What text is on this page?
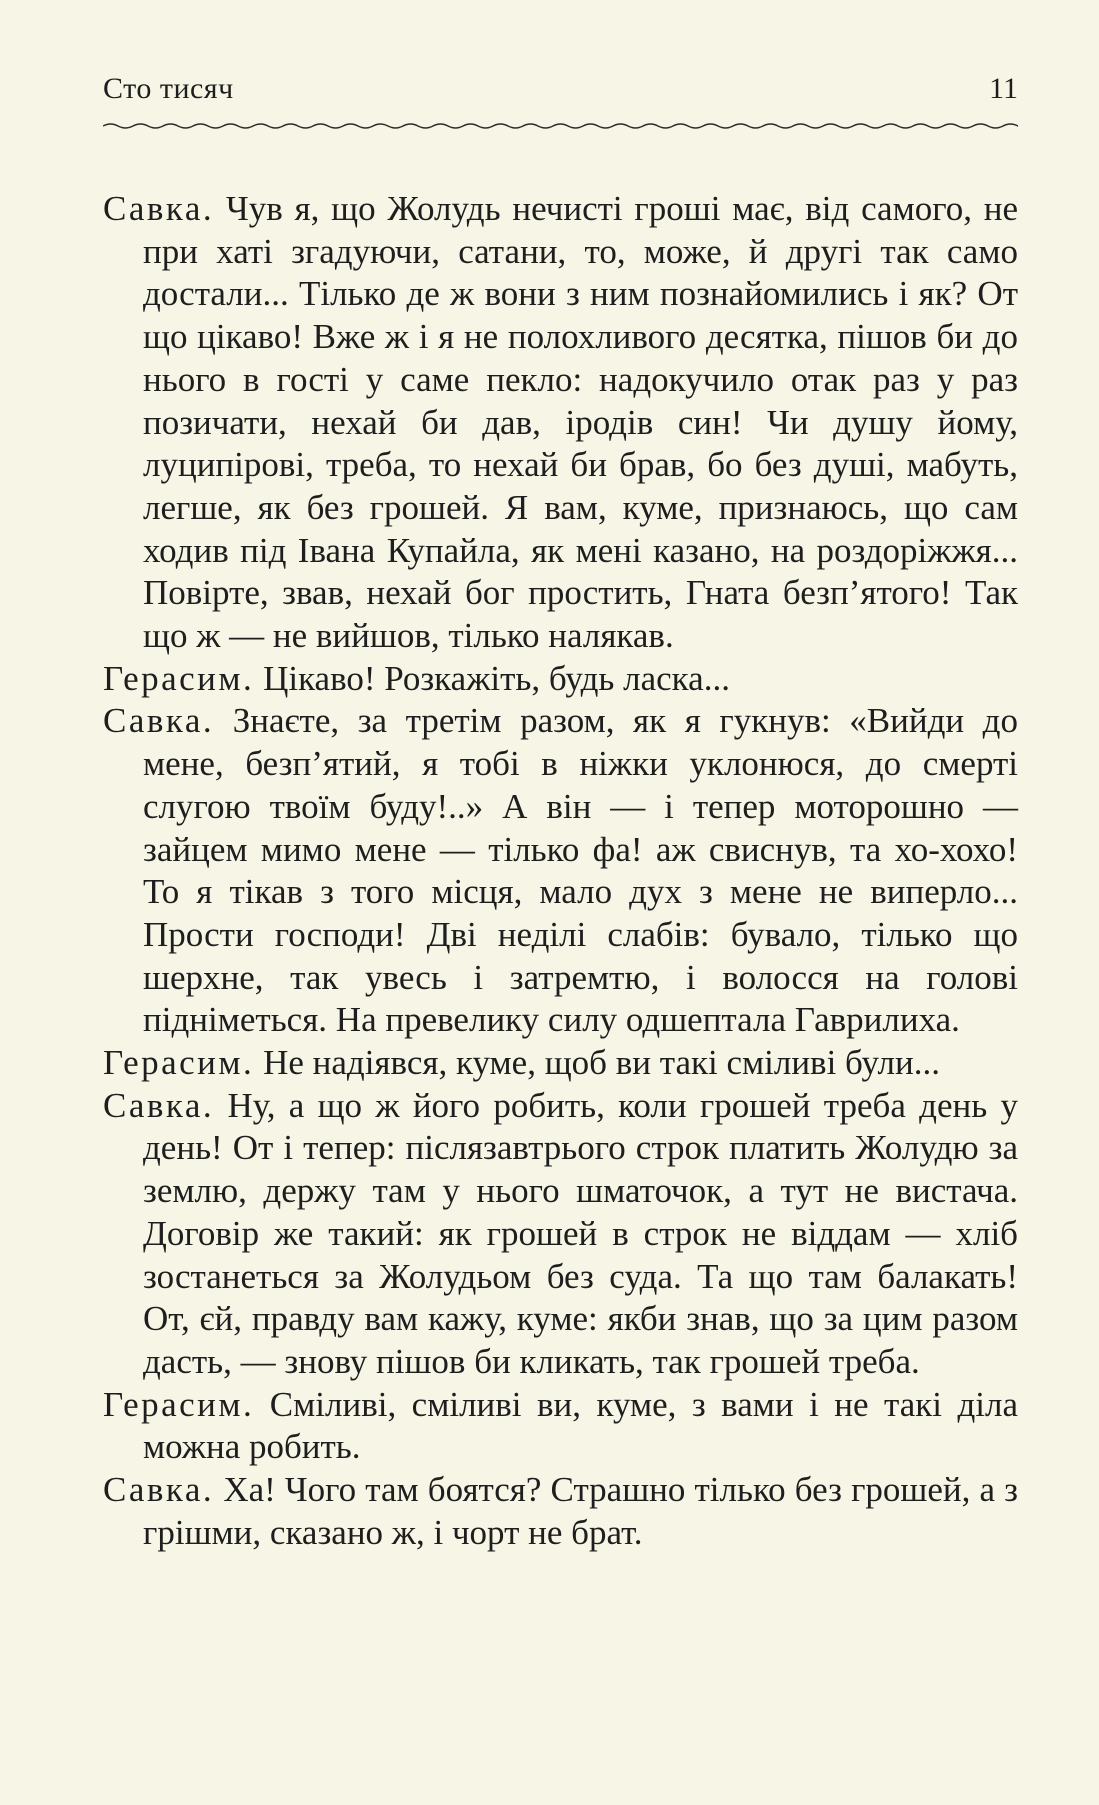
Сто тисяч	11

Савка. Чув я, що Жолудь нечисті гроші має, від самого, не при хаті згадуючи, сатани, то, може, й другі так само достали... Тілько де ж вони з ним познайомились і як? От що цікаво! Вже ж і я не полохливого десятка, пішов би до нього в гості у саме пекло: надокучило отак раз у раз позичати, нехай би дав, іродів син! Чи душу йому, луципірові, треба, то нехай би брав, бо без душі, мабуть, легше, як без грошей. Я вам, куме, признаюсь, що сам ходив під Івана Купайла, як мені казано, на роздоріжжя... Повірте, звав, нехай бог простить, Гната безп’ятого! Так що ж — не вийшов, тілько налякав.

Герасим. Цікаво! Розкажіть, будь ласка...

Савка. Знаєте, за третім разом, як я гукнув: «Вийди до мене, безп’ятий, я тобі в ніжки уклонюся, до смерті слугою твоїм буду!..» А він — і тепер моторошно — зайцем мимо мене — тілько фа! аж свиснув, та хо-хохо! То я тікав з того місця, мало дух з мене не виперло... Прости господи! Дві неділі слабів: бувало, тілько що шерхне, так увесь і затремтю, і волосся на голові підніметься. На превелику силу одшептала Гаврилиха.

Герасим. Не надіявся, куме, щоб ви такі сміливі були...

Савка. Ну, а що ж його робить, коли грошей треба день у день! От і тепер: післязавтрього строк платить Жолудю за землю, держу там у нього шматочок, а тут не вистача. Договір же такий: як грошей в строк не віддам — хліб зостанеться за Жолудьом без суда. Та що там балакать! От, єй, правду вам кажу, куме: якби знав, що за цим разом дасть, — знову пішов би кликать, так грошей треба.

Герасим. Сміливі, сміливі ви, куме, з вами і не такі діла можна робить.

Савка. Ха! Чого там боятся? Страшно тілько без грошей, а з грішми, сказано ж, і чорт не брат.
